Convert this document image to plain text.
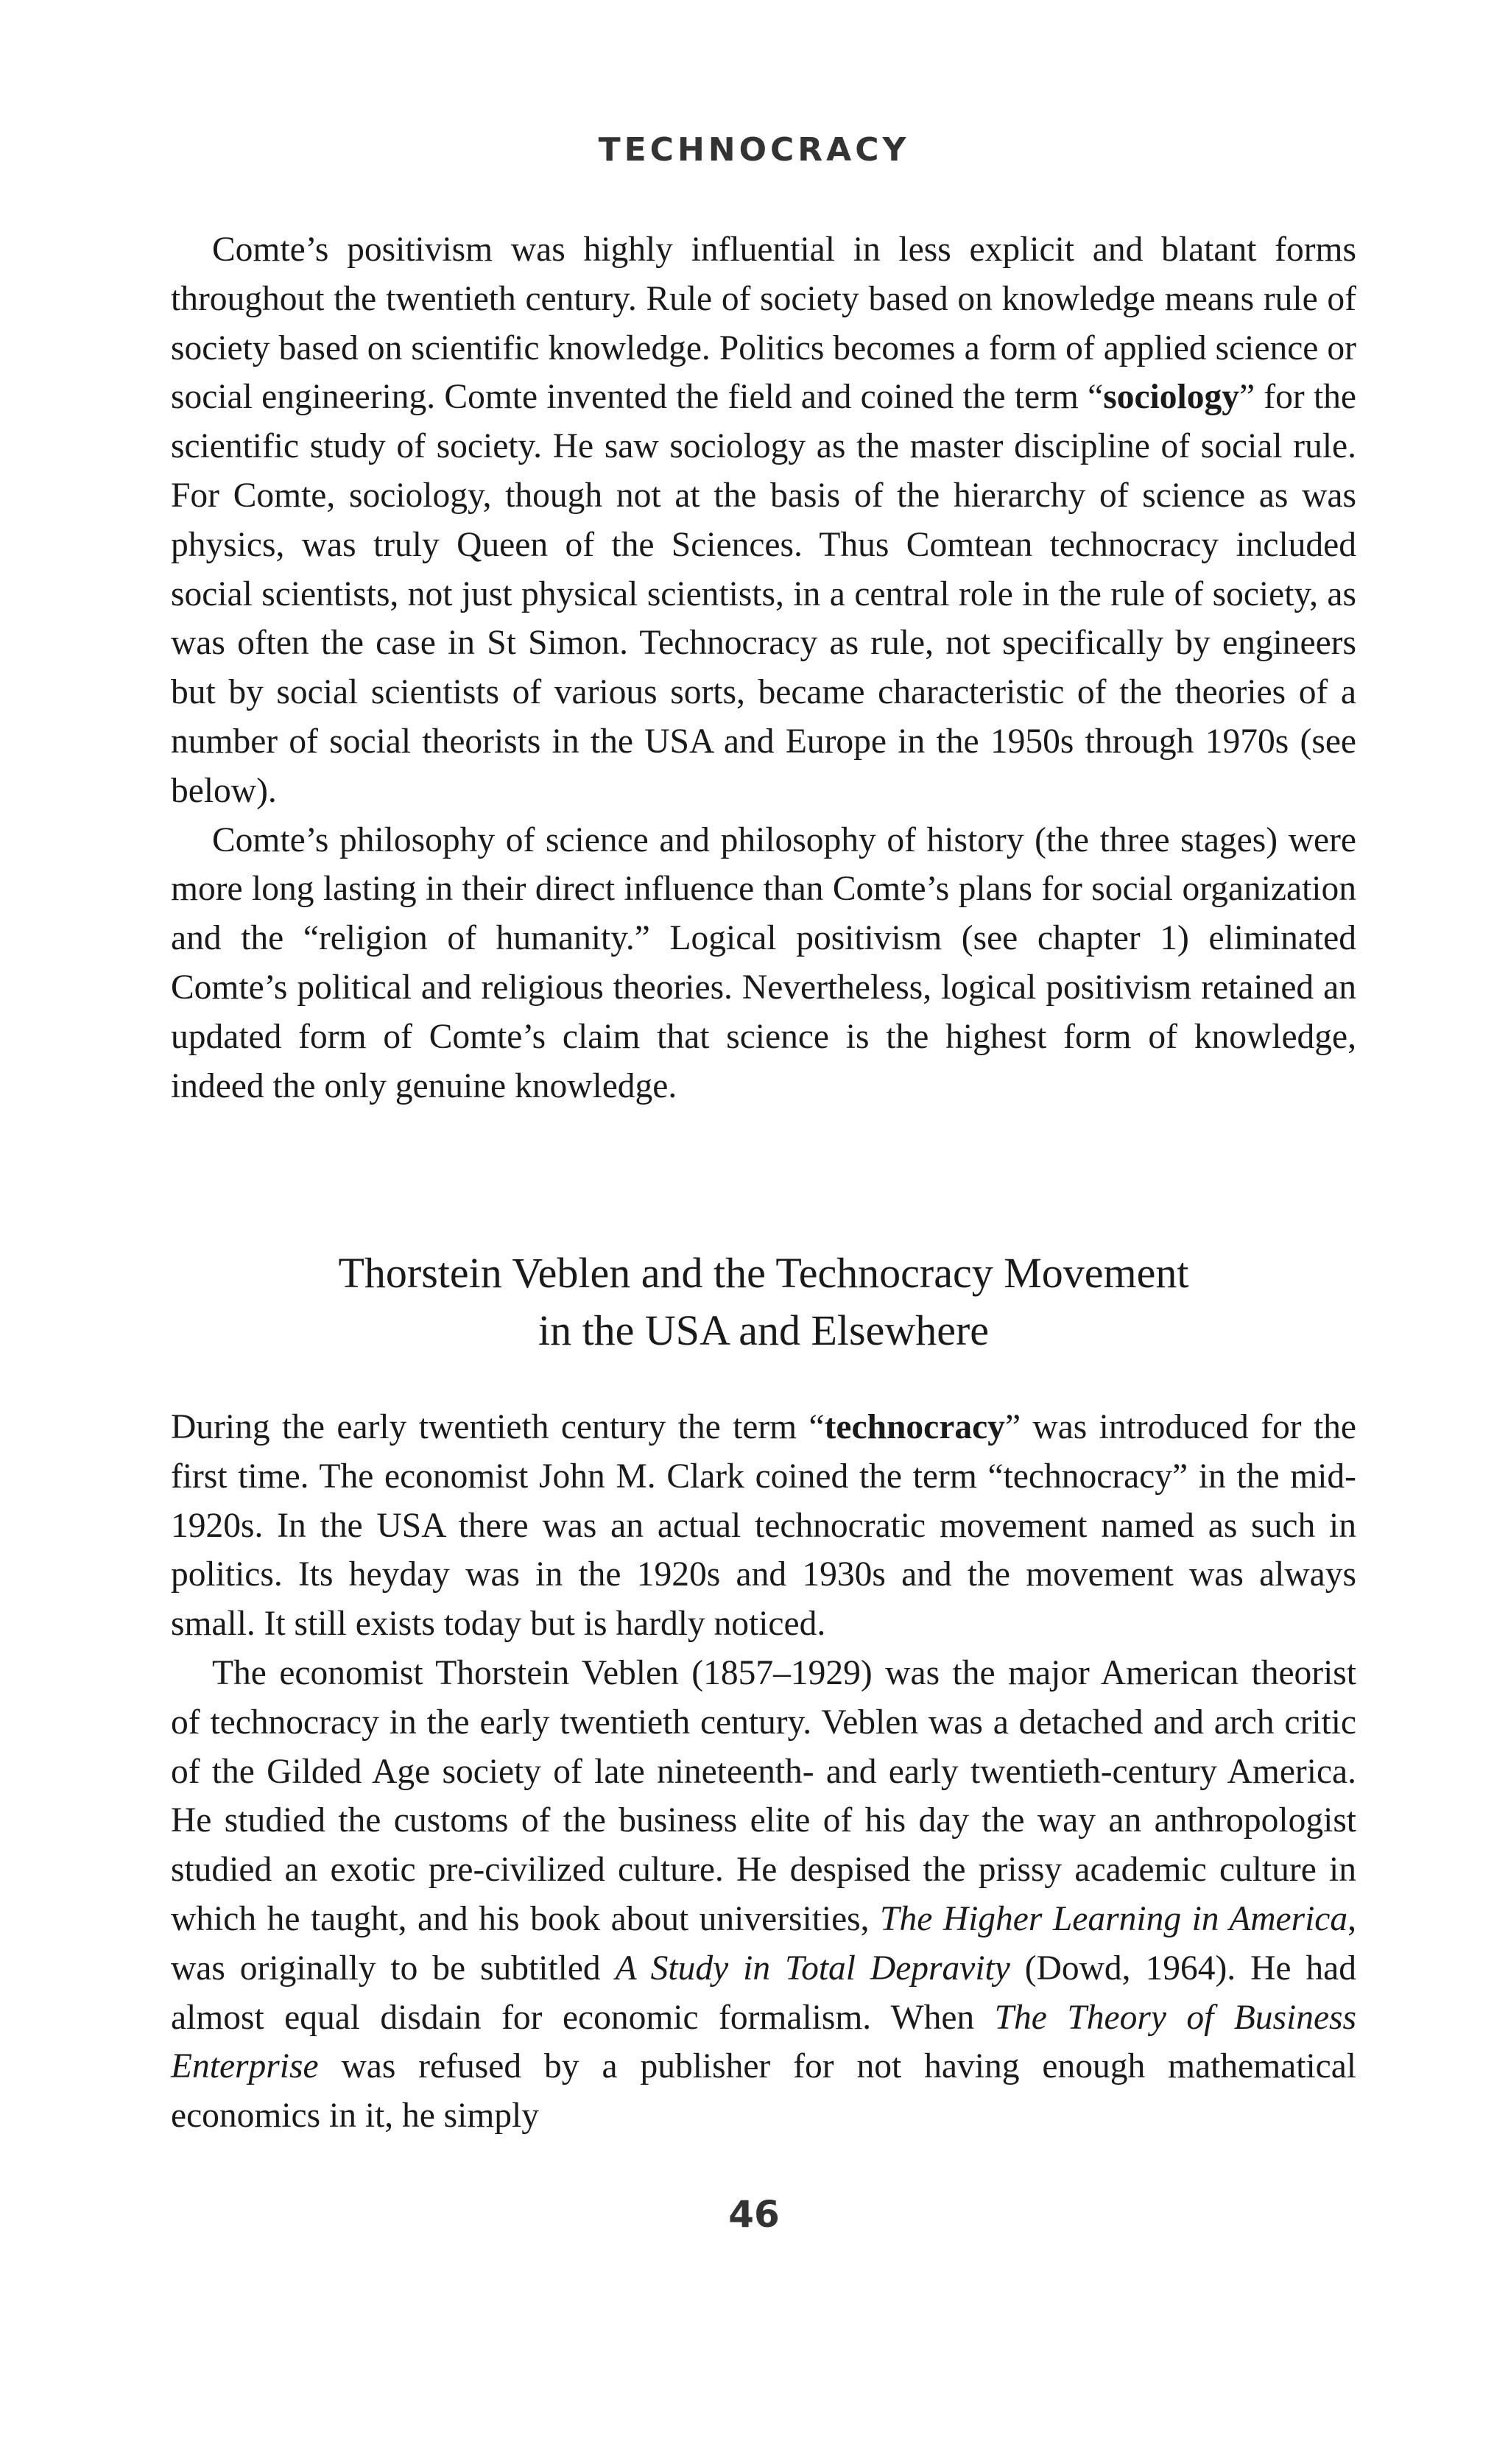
TECHNOCRACY

Comte’s positivism was highly influential in less explicit and blatant forms throughout the twentieth century. Rule of society based on knowledge means rule of society based on scientific knowledge. Politics becomes a form of applied science or social engineering. Comte invented the field and coined the term “sociology” for the scientific study of society. He saw sociology as the master discipline of social rule. For Comte, sociology, though not at the basis of the hierarchy of science as was physics, was truly Queen of the Sciences. Thus Comtean technocracy included social scientists, not just physical scientists, in a central role in the rule of society, as was often the case in St Simon. Technocracy as rule, not specifically by engineers but by social scientists of various sorts, became characteristic of the theories of a number of social theorists in the USA and Europe in the 1950s through 1970s (see below).

Comte’s philosophy of science and philosophy of history (the three stages) were more long lasting in their direct influence than Comte’s plans for social organization and the “religion of humanity.” Logical positivism (see chapter 1) eliminated Comte’s political and religious theories. Nevertheless, logical positivism retained an updated form of Comte’s claim that science is the highest form of knowledge, indeed the only genuine knowledge.

Thorstein Veblen and the Technocracy Movement
in the USA and Elsewhere

During the early twentieth century the term “technocracy” was introduced for the first time. The economist John M. Clark coined the term “technocracy” in the mid-1920s. In the USA there was an actual technocratic movement named as such in politics. Its heyday was in the 1920s and 1930s and the movement was always small. It still exists today but is hardly noticed.

The economist Thorstein Veblen (1857–1929) was the major American theorist of technocracy in the early twentieth century. Veblen was a detached and arch critic of the Gilded Age society of late nineteenth- and early twentieth-century America. He studied the customs of the business elite of his day the way an anthropologist studied an exotic pre-civilized culture. He despised the prissy academic culture in which he taught, and his book about universities, The Higher Learning in America, was originally to be subtitled A Study in Total Depravity (Dowd, 1964). He had almost equal disdain for economic formalism. When The Theory of Business Enterprise was refused by a publisher for not having enough mathematical economics in it, he simply

46
